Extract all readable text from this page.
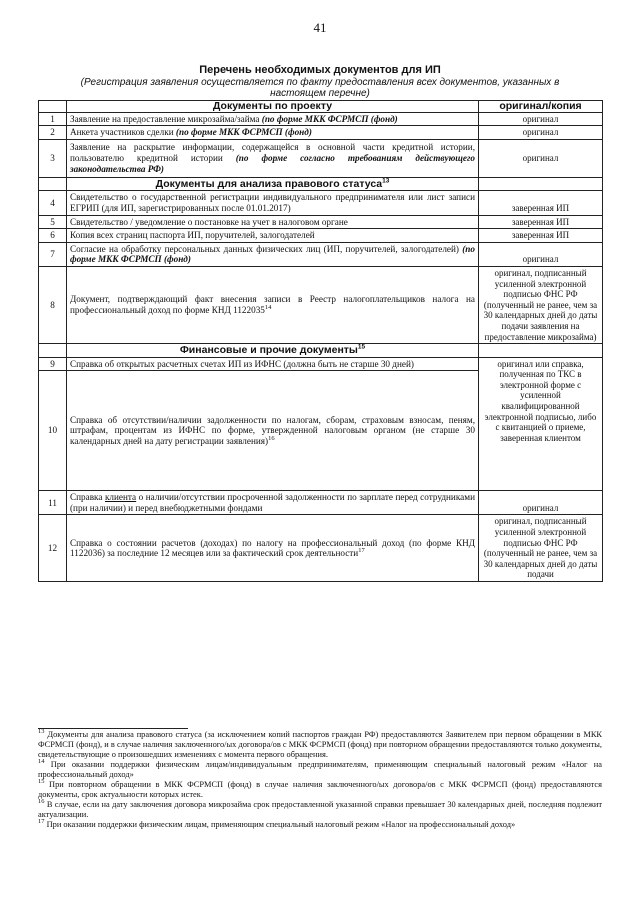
41
Перечень необходимых документов для ИП
(Регистрация заявления осуществляется по факту предоставления всех документов, указанных в настоящем перечне)
	Документы по проекту	оригинал/копия
1	Заявление на предоставление микрозайма/займа (по форме МКК ФСРМСП (фонд)	оригинал
2	Анкета участников сделки (по форме МКК ФСРМСП (фонд)	оригинал
3	Заявление на раскрытие информации, содержащейся в основной части кредитной истории, пользователю кредитной истории (по форме согласно требованиям действующего законодательства РФ)	оригинал
	Документы для анализа правового статуса$^{13}$	
4	Свидетельство о государственной регистрации индивидуального предпринимателя или лист записи ЕГРИП (для ИП, зарегистрированных после 01.01.2017)	заверенная ИП
5	Свидетельство / уведомление о постановке на учет в налоговом органе	заверенная ИП
6	Копия всех страниц паспорта ИП, поручителей, залогодателей	заверенная ИП
7	Согласие на обработку персональных данных физических лиц (ИП, поручителей, залогодателей) (по форме МКК ФСРМСП (фонд)	оригинал
8	Документ, подтверждающий факт внесения записи в Реестр налогоплательщиков налога на профессиональный доход по форме КНД 1122035$^{14}$	оригинал, подписанный усиленной электронной подписью ФНС РФ (полученный не ранее, чем за 30 календарных дней до даты подачи заявления на предоставление микрозайма)
	Финансовые и прочие документы$^{15}$	
9	Справка об открытых расчетных счетах ИП из ИФНС (должна быть не старше 30 дней)	оригинал или справка, полученная по ТКС в электронной форме с усиленной квалифицированной электронной подписью, либо с квитанцией о приеме, заверенная клиентом
10	Справка об отсутствии/наличии задолженности по налогам, сборам, страховым взносам, пеням, штрафам, процентам из ИФНС по форме, утвержденной налоговым органом (не старше 30 календарных дней на дату регистрации заявления)$^{16}$
11	Справка клиента о наличии/отсутствии просроченной задолженности по зарплате перед сотрудниками (при наличии) и перед внебюджетными фондами	оригинал
12	Справка о состоянии расчетов (доходах) по налогу на профессиональный доход (по форме КНД 1122036) за последние 12 месяцев или за фактический срок деятельности$^{17}$	оригинал, подписанный усиленной электронной подписью ФНС РФ (полученный не ранее, чем за 30 календарных дней до даты подачи

$^{13}$ Документы для анализа правового статуса (за исключением копий паспортов граждан РФ) предоставляются Заявителем при первом обращении в МКК ФСРМСП (фонд), и в случае наличия заключенного/ых договора/ов с МКК ФСРМСП (фонд) при повторном обращении предоставляются только документы, свидетельствующие о произошедших изменениях с момента первого обращения.

$^{14}$ При оказании поддержки физическим лицам/индивидуальным предпринимателям, применяющим специальный налоговый режим «Налог на профессиональный доход»

$^{15}$ При повторном обращении в МКК ФСРМСП (фонд) в случае наличия заключенного/ых договора/ов с МКК ФСРМСП (фонд) предоставляются документы, срок актуальности которых истек.

$^{16}$ В случае, если на дату заключения договора микрозайма срок предоставленной указанной справки превышает 30 календарных дней, последняя подлежит актуализации.

$^{17}$ При оказании поддержки физическим лицам, применяющим специальный налоговый режим «Налог на профессиональный доход»
